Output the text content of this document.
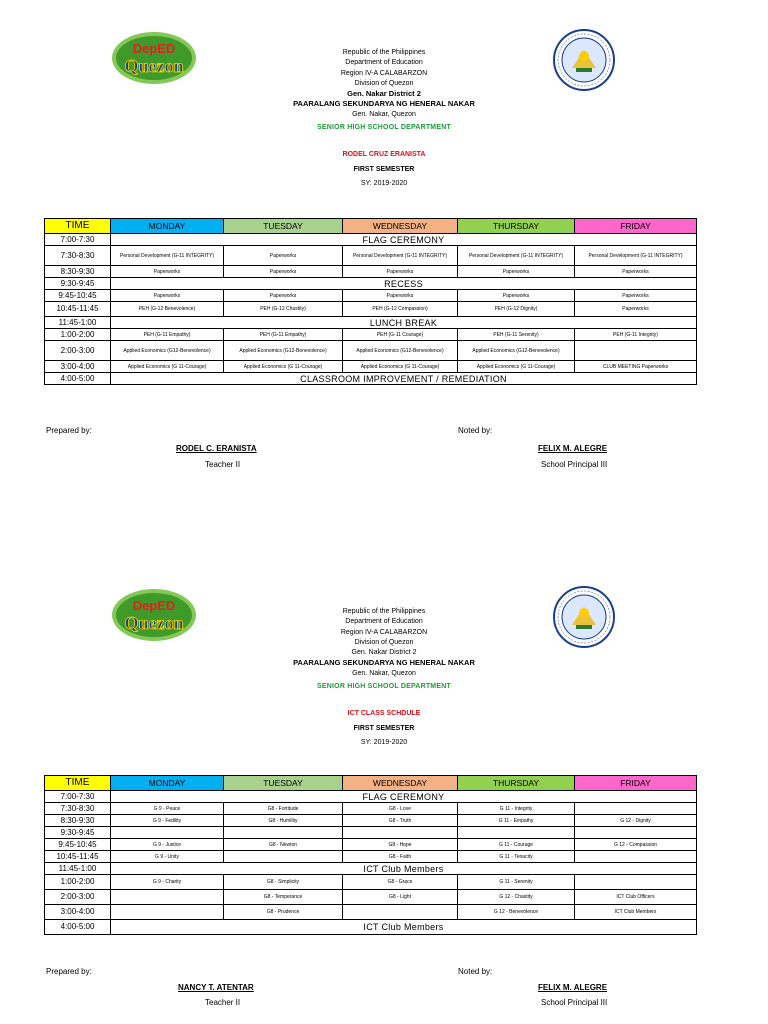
DepED
Quezon
Republic of the Philippines
Department of Education
Region IV-A CALABARZON
Division of Quezon
Gen. Nakar District 2
PAARALANG SEKUNDARYA NG HENERAL NAKAR
Gen. Nakar, Quezon
SENIOR HIGH SCHOOL DEPARTMENT
RODEL CRUZ ERANISTA
FIRST SEMESTER
SY: 2019-2020
TIME	MONDAY	TUESDAY	WEDNESDAY	THURSDAY	FRIDAY
7:00-7:30	FLAG CEREMONY				
7:30-8:30	Personal Development (G-11 INTEGRITY)	Paperworks	Personal Development (G-11 INTEGRITY)	Personal Development (G-11 INTEGRITY)	Personal Development (G-11 INTEGRITY)
8:30-9:30	Paperworks	Paperworks	Paperworks	Paperworks	Paperworks
9:30-9:45	RECESS				
9:45-10:45	Paperworks	Paperworks	Paperworks	Paperworks	Paperworks
10:45-11:45	PEH (G-12 Benevolence)	PEH (G-12 Chastity)	PEH (G-12 Compassion)	PEH (G-12 Dignity)	Paperworks
11:45-1:00	LUNCH BREAK				
1:00-2:00	PEH (G-11 Empathy)	PEH (G-11 Empathy)	PEH (G-11 Courage)	PEH (G-11 Serenity)	PEH (G-11 Integrity)
2:00-3:00	Applied Economics (G12-Benevolence)	Applied Economics (G12-Benevolence)	Applied Economics (G12-Benevolence)	Applied Economics (G12-Benevolence)	
3:00-4:00	Applied Economics (G 11-Courage)	Applied Economics (G 11-Courage)	Applied Economics (G 11-Courage)	Applied Economics (G 11-Courage)	CLUB MEETING Paperworks
4:00-5:00	CLASSROOM IMPROVEMENT / REMEDIATION				
Prepared by:
RODEL C. ERANISTA
Teacher II
Noted by:
FELIX M. ALEGRE
School Principal III
DepED
Quezon
Republic of the Philippines
Department of Education
Region IV-A CALABARZON
Division of Quezon
Gen. Nakar District 2
PAARALANG SEKUNDARYA NG HENERAL NAKAR
Gen. Nakar, Quezon
SENIOR HIGH SCHOOL DEPARTMENT
ICT CLASS SCHDULE
FIRST SEMESTER
SY: 2019-2020
TIME	MONDAY	TUESDAY	WEDNESDAY	THURSDAY	FRIDAY
7:00-7:30	FLAG CEREMONY				
7:30-8:30	G 9 - Peace	G8 - Fortitude	G8 - Love	G 11 - Integrity	
8:30-9:30	G 9 - Fedility	G8 - Humility	G8 - Truth	G 11 - Empathy	G 12 - Dignity
9:30-9:45					
9:45-10:45	G 9 - Justice	G8 - Newton	G8 - Hope	G 11 - Courage	G 12 - Compassion
10:45-11:45	G 9 - Unity		G8 - Faith	G 11 - Tenacity	
11:45-1:00	ICT Club Members				
1:00-2:00	G 9 - Charity	G8 - Simplicity	G8 - Grace	G 11 - Serenity	
2:00-3:00		G8 - Temperance	G8 - Light	G 12 - Chastity	ICT Club Officers
3:00-4:00		G8 - Prudence		G 12 - Benevolence	ICT Club Members
4:00-5:00	ICT Club Members				
Prepared by:
NANCY T. ATENTAR
Teacher II
Noted by:
FELIX M. ALEGRE
School Principal III
